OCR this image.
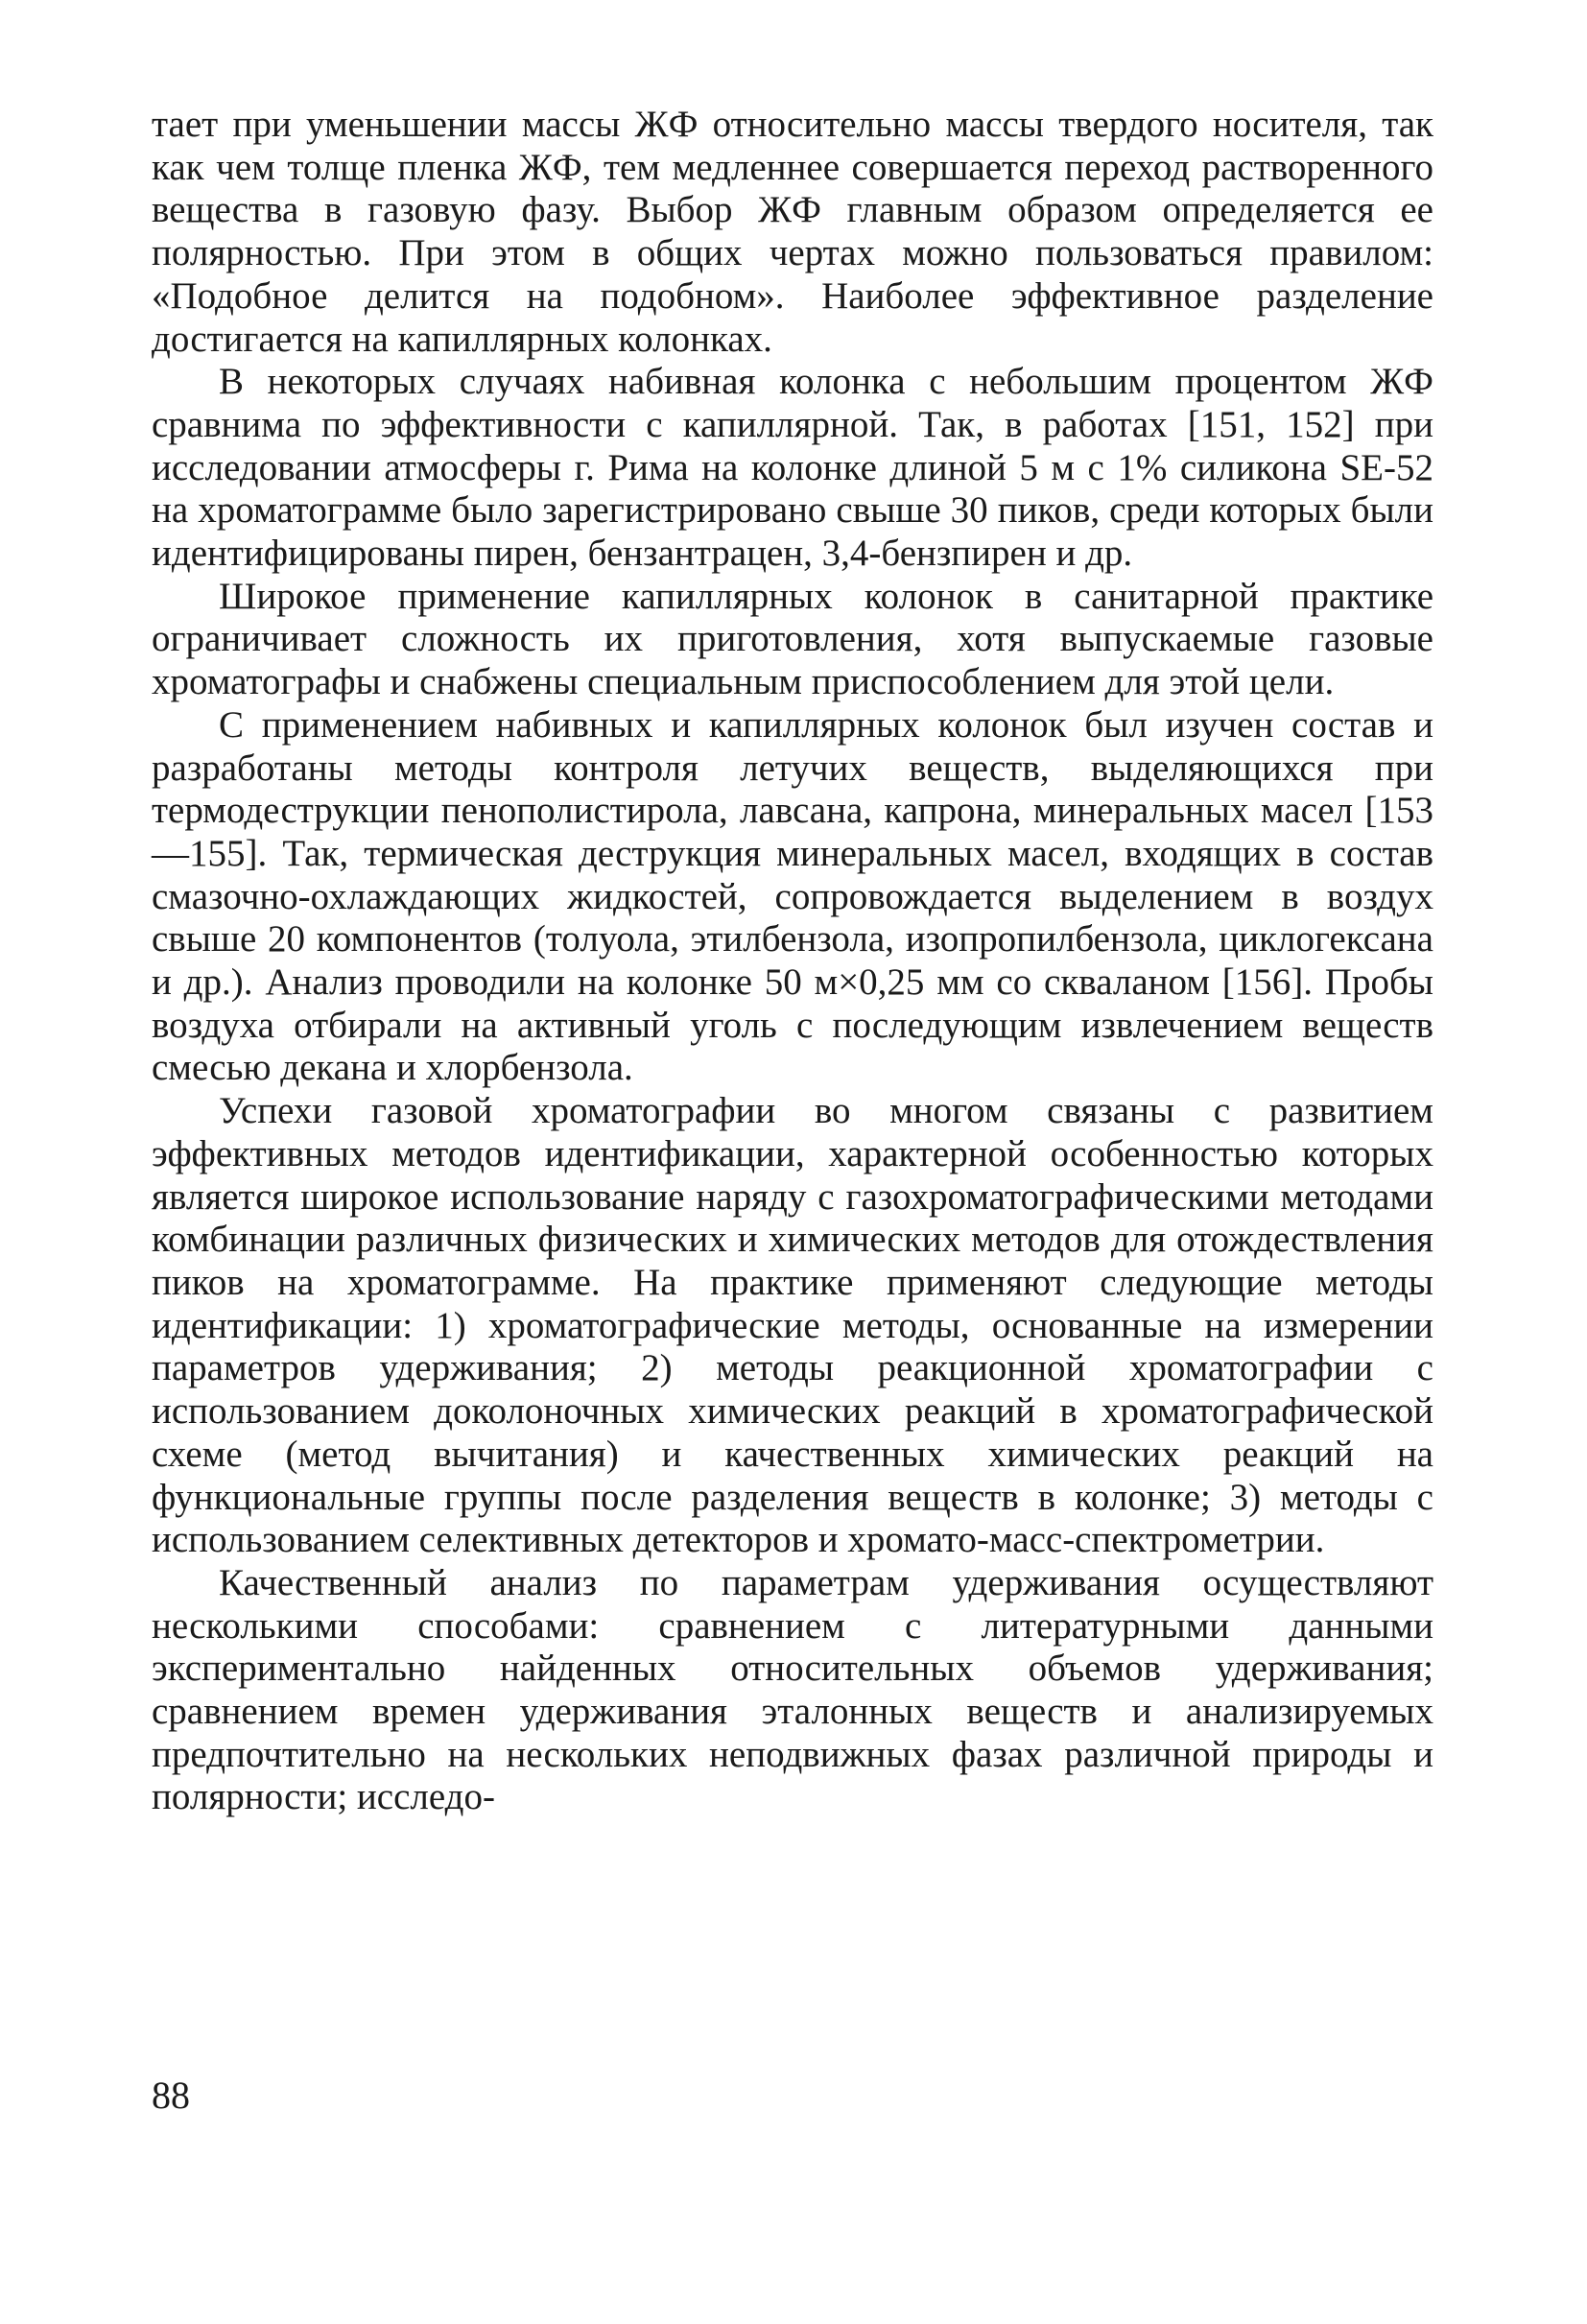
тает при уменьшении массы ЖФ относительно массы твердого носителя, так как чем толще пленка ЖФ, тем медленнее совершается переход растворенного вещества в газовую фазу. Выбор ЖФ главным образом определяется ее полярностью. При этом в общих чертах можно пользоваться правилом: «Подобное делится на подобном». Наиболее эффективное разделение достигается на капиллярных колонках.

В некоторых случаях набивная колонка с небольшим процентом ЖФ сравнима по эффективности с капиллярной. Так, в работах [151, 152] при исследовании атмосферы г. Рима на колонке длиной 5 м с 1% силикона SE-52 на хроматограмме было зарегистрировано свыше 30 пиков, среди которых были идентифицированы пирен, бензантрацен, 3,4-бензпирен и др.

Широкое применение капиллярных колонок в санитарной практике ограничивает сложность их приготовления, хотя выпускаемые газовые хроматографы и снабжены специальным приспособлением для этой цели.

С применением набивных и капиллярных колонок был изучен состав и разработаны методы контроля летучих веществ, выделяющихся при термодеструкции пенополистирола, лавсана, капрона, минеральных масел [153—155]. Так, термическая деструкция минеральных масел, входящих в состав смазочно-охлаждающих жидкостей, сопровождается выделением в воздух свыше 20 компонентов (толуола, этилбензола, изопропилбензола, циклогексана и др.). Анализ проводили на колонке 50 м×0,25 мм со скваланом [156]. Пробы воздуха отбирали на активный уголь с последующим извлечением веществ смесью декана и хлорбензола.

Успехи газовой хроматографии во многом связаны с развитием эффективных методов идентификации, характерной особенностью которых является широкое использование наряду с газохроматографическими методами комбинации различных физических и химических методов для отождествления пиков на хроматограмме. На практике применяют следующие методы идентификации: 1) хроматографические методы, основанные на измерении параметров удерживания; 2) методы реакционной хроматографии с использованием доколоночных химических реакций в хроматографической схеме (метод вычитания) и качественных химических реакций на функциональные группы после разделения веществ в колонке; 3) методы с использованием селективных детекторов и хромато-масс-спектрометрии.

Качественный анализ по параметрам удерживания осуществляют несколькими способами: сравнением с литературными данными экспериментально найденных относительных объемов удерживания; сравнением времен удерживания эталонных веществ и анализируемых предпочтительно на нескольких неподвижных фазах различной природы и полярности; исследо-

88
